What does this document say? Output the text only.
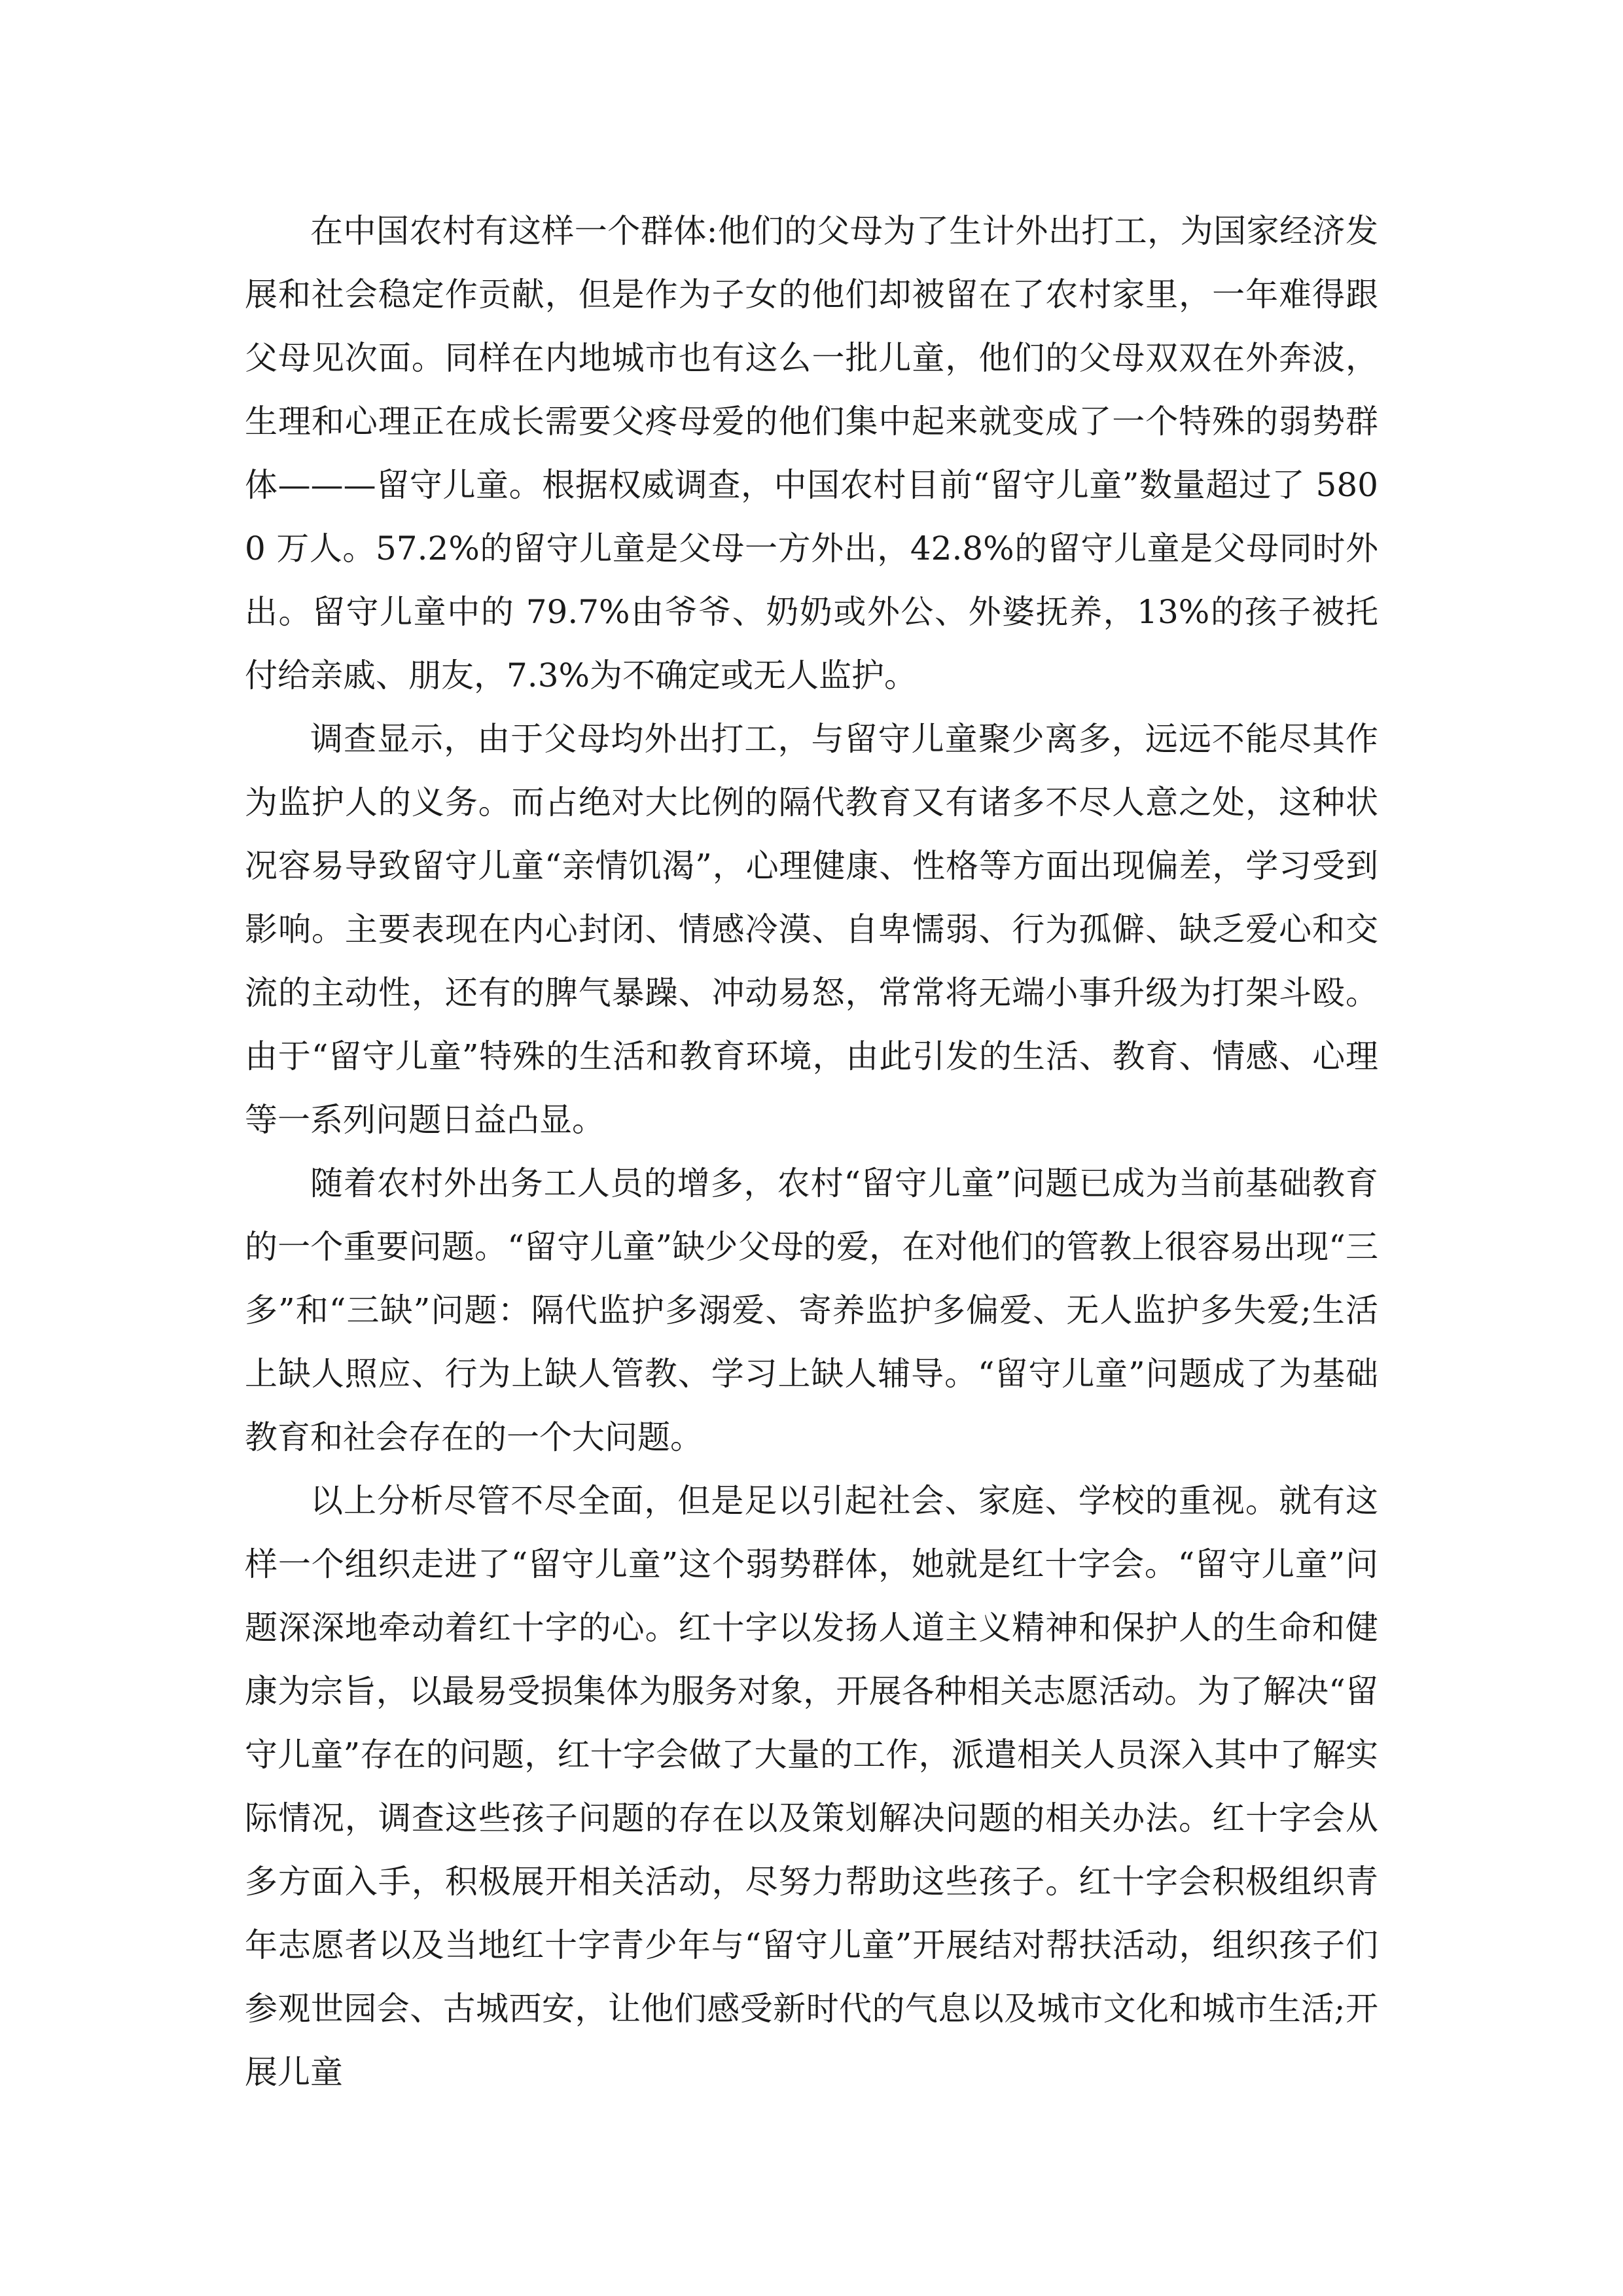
在中国农村有这样一个群体:他们的父母为了生计外出打工，为国家经济发展和社会稳定作贡献，但是作为子女的他们却被留在了农村家里，一年难得跟父母见次面。同样在内地城市也有这么一批儿童，他们的父母双双在外奔波，生理和心理正在成长需要父疼母爱的他们集中起来就变成了一个特殊的弱势群体———留守儿童。根据权威调查，中国农村目前“留守儿童”数量超过了 5800 万人。57.2%的留守儿童是父母一方外出，42.8%的留守儿童是父母同时外出。留守儿童中的 79.7%由爷爷、奶奶或外公、外婆抚养，13%的孩子被托付给亲戚、朋友，7.3%为不确定或无人监护。

调查显示，由于父母均外出打工，与留守儿童聚少离多，远远不能尽其作为监护人的义务。而占绝对大比例的隔代教育又有诸多不尽人意之处，这种状况容易导致留守儿童“亲情饥渴”，心理健康、性格等方面出现偏差，学习受到影响。主要表现在内心封闭、情感冷漠、自卑懦弱、行为孤僻、缺乏爱心和交流的主动性，还有的脾气暴躁、冲动易怒，常常将无端小事升级为打架斗殴。由于“留守儿童”特殊的生活和教育环境，由此引发的生活、教育、情感、心理等一系列问题日益凸显。

随着农村外出务工人员的增多，农村“留守儿童”问题已成为当前基础教育的一个重要问题。“留守儿童”缺少父母的爱，在对他们的管教上很容易出现“三多”和“三缺”问题：隔代监护多溺爱、寄养监护多偏爱、无人监护多失爱;生活上缺人照应、行为上缺人管教、学习上缺人辅导。“留守儿童”问题成了为基础教育和社会存在的一个大问题。

以上分析尽管不尽全面，但是足以引起社会、家庭、学校的重视。就有这样一个组织走进了“留守儿童”这个弱势群体，她就是红十字会。“留守儿童”问题深深地牵动着红十字的心。红十字以发扬人道主义精神和保护人的生命和健康为宗旨，以最易受损集体为服务对象，开展各种相关志愿活动。为了解决“留守儿童”存在的问题，红十字会做了大量的工作，派遣相关人员深入其中了解实际情况，调查这些孩子问题的存在以及策划解决问题的相关办法。红十字会从多方面入手，积极展开相关活动，尽努力帮助这些孩子。红十字会积极组织青年志愿者以及当地红十字青少年与“留守儿童”开展结对帮扶活动，组织孩子们参观世园会、古城西安，让他们感受新时代的气息以及城市文化和城市生活;开展儿童
